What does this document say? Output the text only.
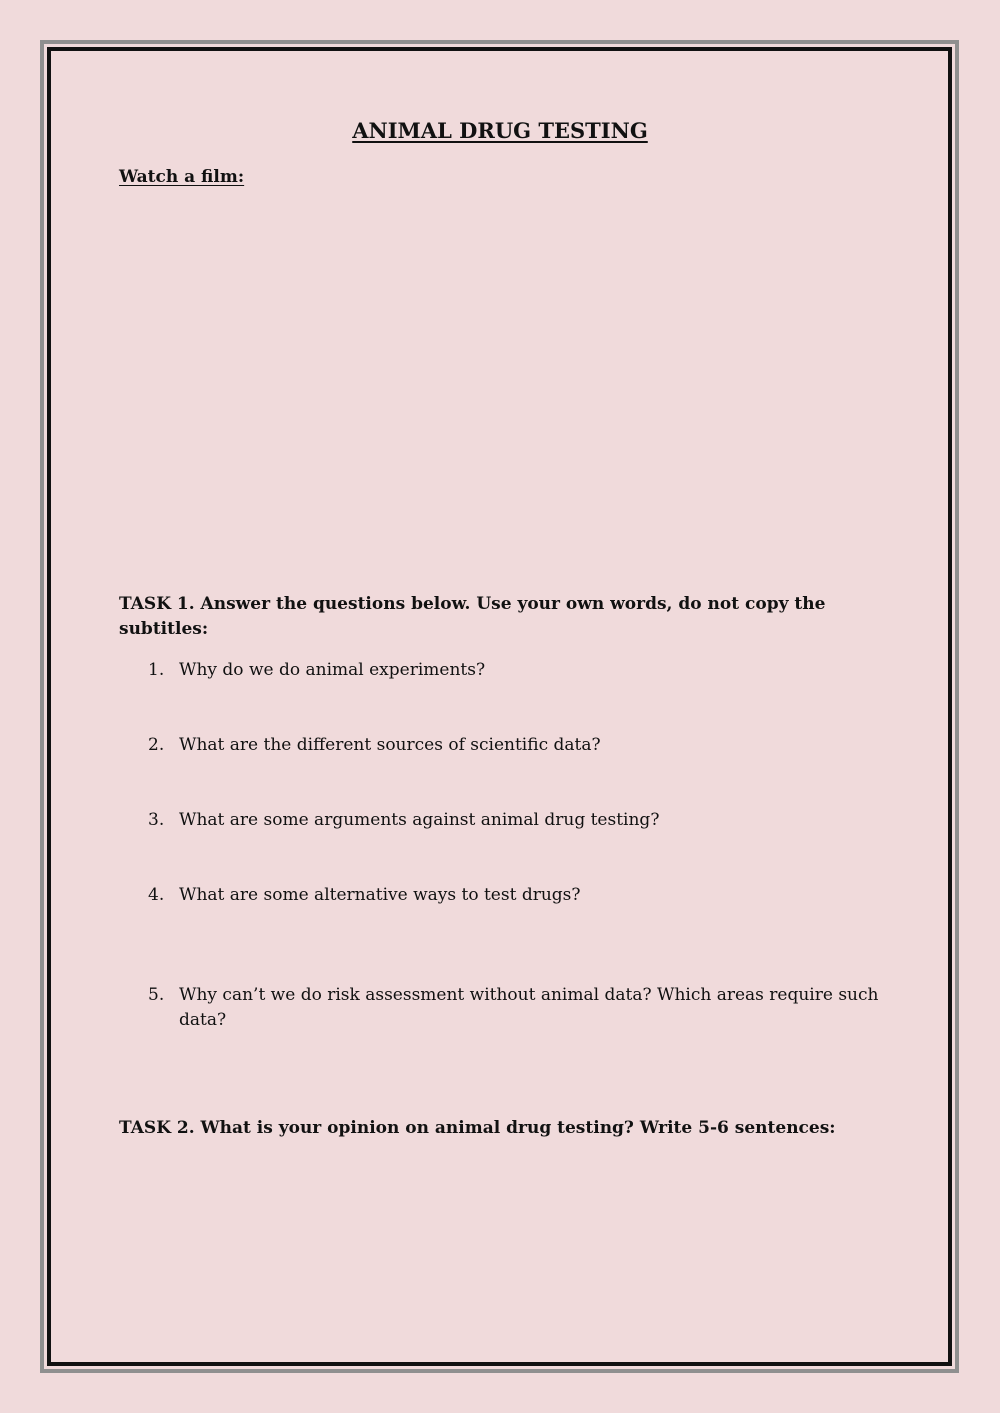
ANIMAL DRUG TESTING
Watch a film:
TASK 1. Answer the questions below. Use your own words, do not copy the subtitles:
1. Why do we do animal experiments?
2. What are the different sources of scientific data?
3. What are some arguments against animal drug testing?
4. What are some alternative ways to test drugs?
5. Why can’t we do risk assessment without animal data? Which areas require such data?
TASK 2. What is your opinion on animal drug testing? Write 5-6 sentences:
